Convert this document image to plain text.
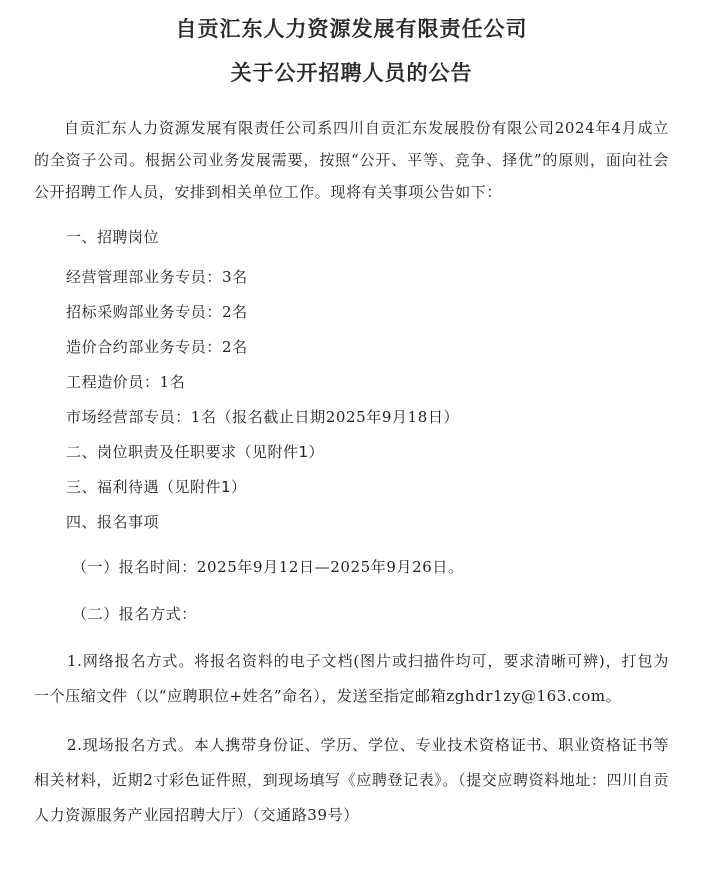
自贡汇东人力资源发展有限责任公司
关于公开招聘人员的公告

自贡汇东人力资源发展有限责任公司系四川自贡汇东发展股份有限公司2024年4月成立的全资子公司。根据公司业务发展需要，按照“公开、平等、竞争、择优”的原则，面向社会公开招聘工作人员，安排到相关单位工作。现将有关事项公告如下：

一、招聘岗位

经营管理部业务专员：3名

招标采购部业务专员：2名

造价合约部业务专员：2名

工程造价员：1名

市场经营部专员：1名（报名截止日期2025年9月18日）

二、岗位职责及任职要求（见附件1）

三、福利待遇（见附件1）

四、报名事项

（一）报名时间：2025年9月12日—2025年9月26日。

（二）报名方式：

1.网络报名方式。将报名资料的电子文档(图片或扫描件均可，要求清晰可辨)，打包为一个压缩文件（以“应聘职位+姓名”命名），发送至指定邮箱zghdr1zy@163.com。

2.现场报名方式。本人携带身份证、学历、学位、专业技术资格证书、职业资格证书等相关材料，近期2寸彩色证件照，到现场填写《应聘登记表》。（提交应聘资料地址：四川自贡人力资源服务产业园招聘大厅）（交通路39号）
